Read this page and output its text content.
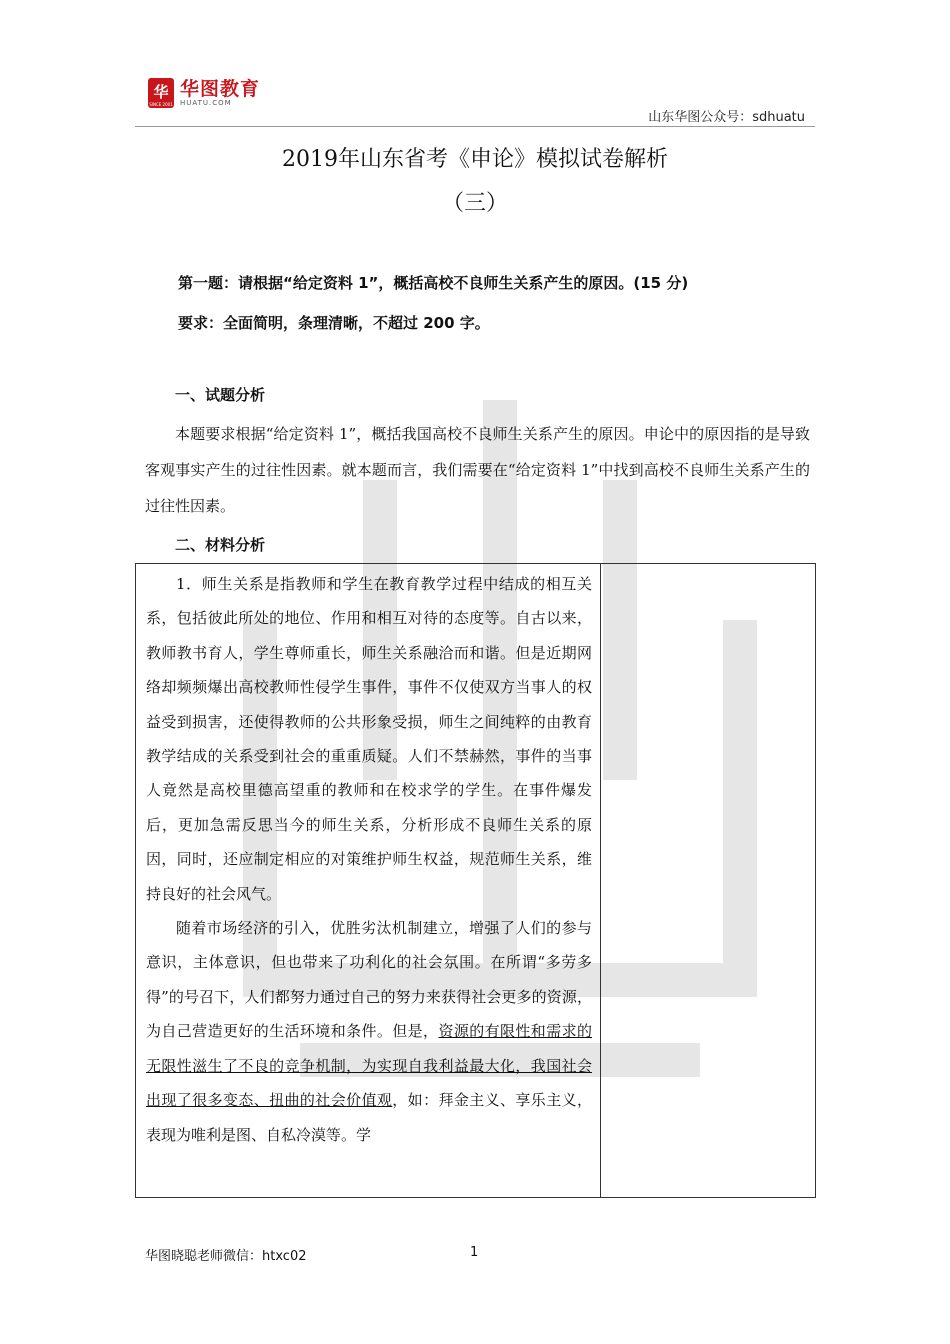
华
SINCE 2001
华图教育
HUATU.COM
山东华图公众号：sdhuatu
2019年山东省考《申论》模拟试卷解析
（三）
第一题：请根据“给定资料 1”，概括高校不良师生关系产生的原因。(15 分)
要求：全面简明，条理清晰，不超过 200 字。
一、试题分析
本题要求根据“给定资料 1”，概括我国高校不良师生关系产生的原因。申论中的原因指的是导致客观事实产生的过往性因素。就本题而言，我们需要在“给定资料 1”中找到高校不良师生关系产生的过往性因素。
二、材料分析

1．师生关系是指教师和学生在教育教学过程中结成的相互关系，包括彼此所处的地位、作用和相互对待的态度等。自古以来，教师教书育人，学生尊师重长，师生关系融洽而和谐。但是近期网络却频频爆出高校教师性侵学生事件，事件不仅使双方当事人的权益受到损害，还使得教师的公共形象受损，师生之间纯粹的由教育教学结成的关系受到社会的重重质疑。人们不禁赫然，事件的当事人竟然是高校里德高望重的教师和在校求学的学生。在事件爆发后，更加急需反思当今的师生关系，分析形成不良师生关系的原因，同时，还应制定相应的对策维护师生权益，规范师生关系，维持良好的社会风气。

随着市场经济的引入，优胜劣汰机制建立，增强了人们的参与意识，主体意识，但也带来了功利化的社会氛围。在所谓“多劳多得”的号召下，人们都努力通过自己的努力来获得社会更多的资源，为自己营造更好的生活环境和条件。但是，资源的有限性和需求的无限性滋生了不良的竞争机制，为实现自我利益最大化，我国社会出现了很多变态、扭曲的社会价值观，如：拜金主义、享乐主义，表现为唯利是图、自私冷漠等。学

华图晓聪老师微信：htxc02	1
